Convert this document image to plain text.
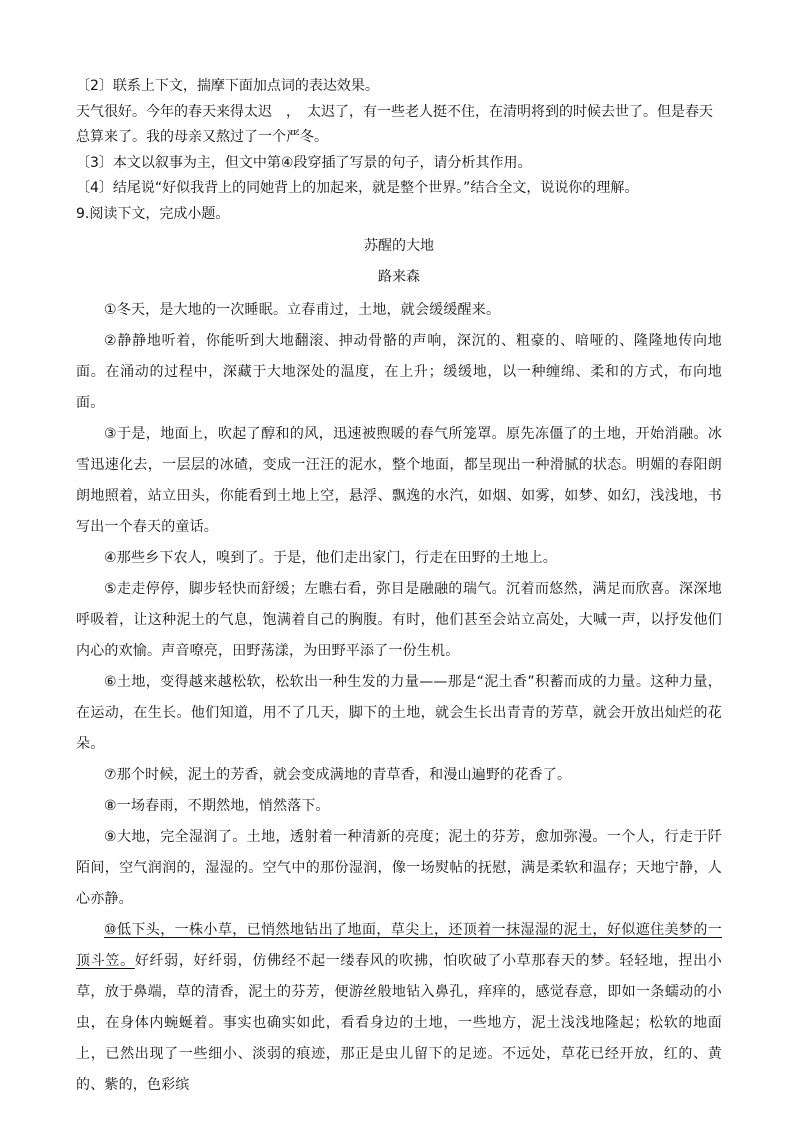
〔2〕联系上下文，揣摩下面加点词的表达效果。
天气很好。今年的春天来得太迟　，　太迟了，有一些老人挺不住，在清明将到的时候去世了。但是春天
总算来了。我的母亲又熬过了一个严冬。
〔3〕本文以叙事为主，但文中第④段穿插了写景的句子，请分析其作用。
〔4〕结尾说“好似我背上的同她背上的加起来，就是整个世界。”结合全文，说说你的理解。
9.阅读下文，完成小题。
苏醒的大地
路来森

①冬天，是大地的一次睡眠。立春甫过，土地，就会缓缓醒来。

②静静地听着，你能听到大地翻滚、抻动骨骼的声响，深沉的、粗豪的、喑哑的、隆隆地传向地面。在涌动的过程中，深藏于大地深处的温度，在上升；缓缓地，以一种缠绵、柔和的方式，布向地面。

③于是，地面上，吹起了醇和的风，迅速被煦暖的春气所笼罩。原先冻僵了的土地，开始消融。冰雪迅速化去，一层层的冰碴，变成一汪汪的泥水，整个地面，都呈现出一种滑腻的状态。明媚的春阳朗朗地照着，站立田头，你能看到土地上空，悬浮、飘逸的水汽，如烟、如雾，如梦、如幻，浅浅地，书写出一个春天的童话。

④那些乡下农人，嗅到了。于是，他们走出家门，行走在田野的土地上。

⑤走走停停，脚步轻快而舒缓；左瞧右看，弥目是融融的瑞气。沉着而悠然，满足而欣喜。深深地呼吸着，让这种泥土的气息，饱满着自己的胸腹。有时，他们甚至会站立高处，大喊一声，以抒发他们内心的欢愉。声音嘹亮，田野荡漾，为田野平添了一份生机。

⑥土地，变得越来越松软，松软出一种生发的力量——那是“泥土香”积蓄而成的力量。这种力量，在运动，在生长。他们知道，用不了几天，脚下的土地，就会生长出青青的芳草，就会开放出灿烂的花朵。

⑦那个时候，泥土的芳香，就会变成满地的青草香，和漫山遍野的花香了。

⑧一场春雨，不期然地，悄然落下。

⑨大地，完全湿润了。土地，透射着一种清新的亮度；泥土的芬芳，愈加弥漫。一个人，行走于阡陌间，空气润润的，湿湿的。空气中的那份湿润，像一场熨帖的抚慰，满是柔软和温存；天地宁静，人心亦静。

⑩低下头，一株小草，已悄然地钻出了地面，草尖上，还顶着一抹湿湿的泥土，好似遮住美梦的一顶斗笠。好纤弱，好纤弱，仿佛经不起一缕春风的吹拂，怕吹破了小草那春天的梦。轻轻地，捏出小草，放于鼻端，草的清香，泥土的芬芳，便游丝般地钻入鼻孔，痒痒的，感觉春意，即如一条蠕动的小虫，在身体内蜿蜒着。事实也确实如此，看看身边的土地，一些地方，泥土浅浅地隆起；松软的地面上，已然出现了一些细小、淡弱的痕迹，那正是虫儿留下的足迹。不远处，草花已经开放，红的、黄的、紫的，色彩缤
